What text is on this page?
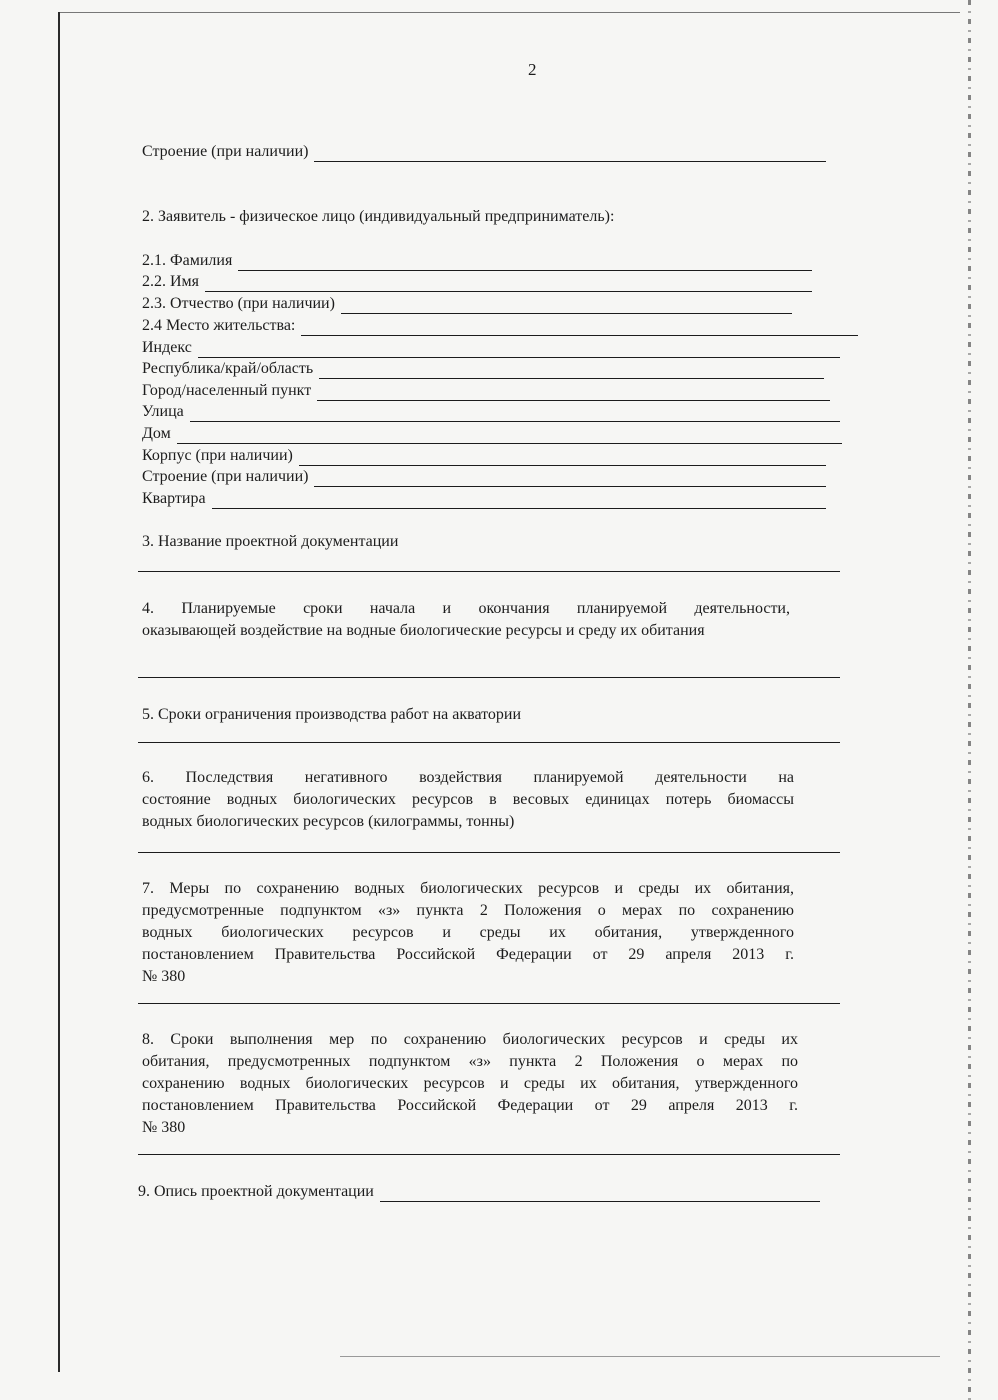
2
Строение (при наличии)
2. Заявитель - физическое лицо (индивидуальный предприниматель):
2.1. Фамилия
2.2. Имя
2.3. Отчество (при наличии)
2.4 Место жительства:
Индекс
Республика/край/область
Город/населенный пункт
Улица
Дом
Корпус (при наличии)
Строение (при наличии)
Квартира
3. Название проектной документации
4. Планируемые сроки начала и окончания планируемой деятельности,
оказывающей воздействие на водные биологические ресурсы и среду их обитания
5. Сроки ограничения производства работ на акватории
6. Последствия негативного воздействия планируемой деятельности на
состояние водных биологических ресурсов в весовых единицах потерь биомассы
водных биологических ресурсов (килограммы, тонны)
7. Меры по сохранению водных биологических ресурсов и среды их обитания,
предусмотренные подпунктом «з» пункта 2 Положения о мерах по сохранению
водных биологических ресурсов и среды их обитания, утвержденного
постановлением Правительства Российской Федерации от 29 апреля 2013 г.
№ 380
8. Сроки выполнения мер по сохранению биологических ресурсов и среды их
обитания, предусмотренных подпунктом «з» пункта 2 Положения о мерах по
сохранению водных биологических ресурсов и среды их обитания, утвержденного
постановлением Правительства Российской Федерации от 29 апреля 2013 г.
№ 380
9. Опись проектной документации
